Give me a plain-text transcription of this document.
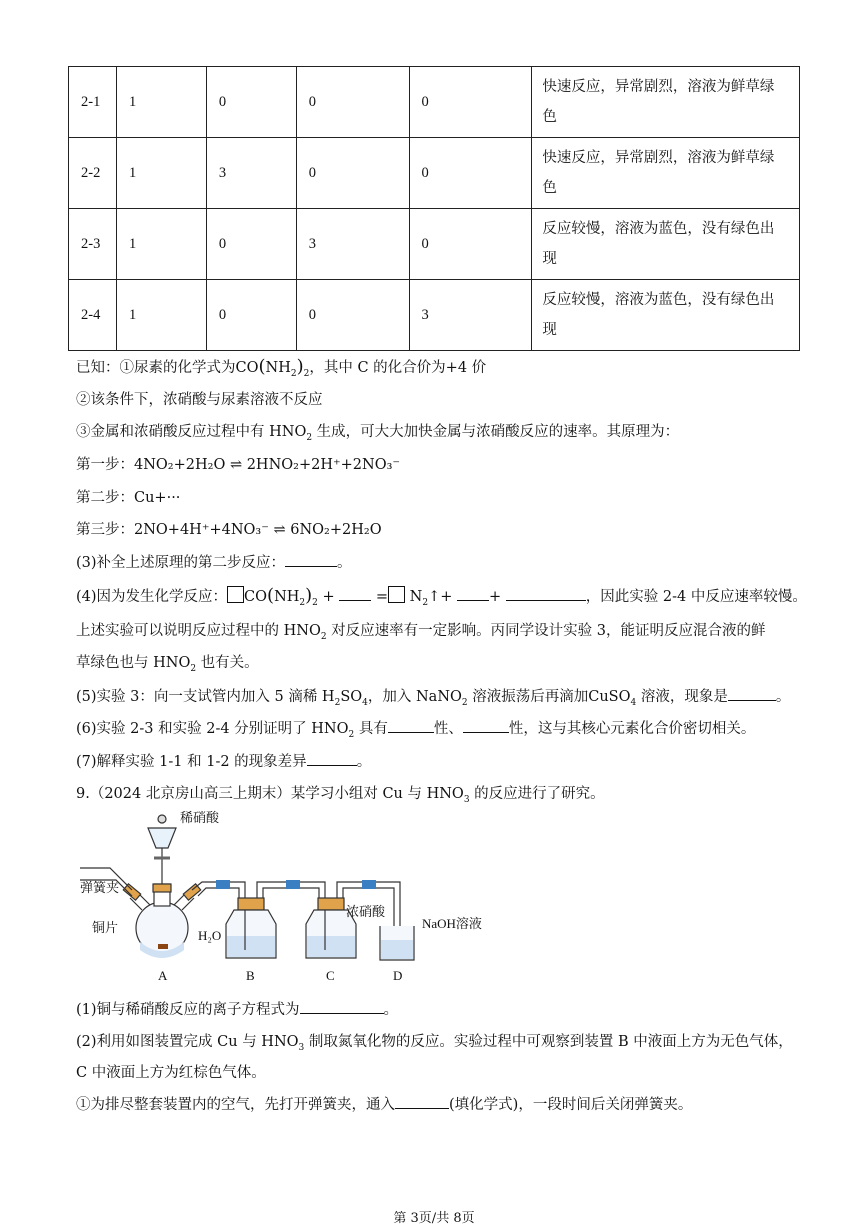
2-1	1	0	0	0	快速反应，异常剧烈，溶液为鲜草绿
色

2-2	1	3	0	0	快速反应，异常剧烈，溶液为鲜草绿
色

2-3	1	0	3	0	反应较慢，溶液为蓝色，没有绿色出
现

2-4	1	0	0	3	反应较慢，溶液为蓝色，没有绿色出
现
已知：①尿素的化学式为$CO(NH_2)_2$，其中 C 的化合价为+4 价
②该条件下，浓硝酸与尿素溶液不反应
③金属和浓硝酸反应过程中有 $HNO_2$ 生成，可大大加快金属与浓硝酸反应的速率。其原理为：
第一步：4NO₂+2H₂O ⇌ 2HNO₂+2H⁺+2NO₃⁻
第二步：Cu+···
第三步：2NO+4H⁺+4NO₃⁻ ⇌ 6NO₂+2H₂O
(3)补全上述原理的第二步反应：	。
(4)因为发生化学反应： $CO(NH_2)_2$ +	= $N_2↑+$	+	，因此实验 2-4 中反应速率较慢。
上述实验可以说明反应过程中的 $HNO_2$ 对反应速率有一定影响。丙同学设计实验 3，能证明反应混合液的鲜
草绿色也与 $HNO_2$ 也有关。
(5)实验 3：向一支试管内加入 5 滴稀 $H_2SO_4$，加入 NaNO$_2$ 溶液振荡后再滴加CuSO$_4$ 溶液，现象是	。
(6)实验 2-3 和实验 2-4 分别证明了 $HNO_2$ 具有	性、	性，这与其核心元素化合价密切相关。
(7)解释实验 1-1 和 1-2 的现象差异	。
9.（2024 北京房山高三上期末）某学习小组对 Cu 与 $HNO_3$ 的反应进行了研究。
稀硝酸
弹簧夹
铜片
H₂O
浓硝酸
NaOH溶液
A	B	C	D
(1)铜与稀硝酸反应的离子方程式为	。
(2)利用如图装置完成 Cu 与 $HNO_3$ 制取氮氧化物的反应。实验过程中可观察到装置 B 中液面上方为无色气体，
C 中液面上方为红棕色气体。
①为排尽整套装置内的空气，先打开弹簧夹，通入	(填化学式)，一段时间后关闭弹簧夹。
第 3页/共 8页
